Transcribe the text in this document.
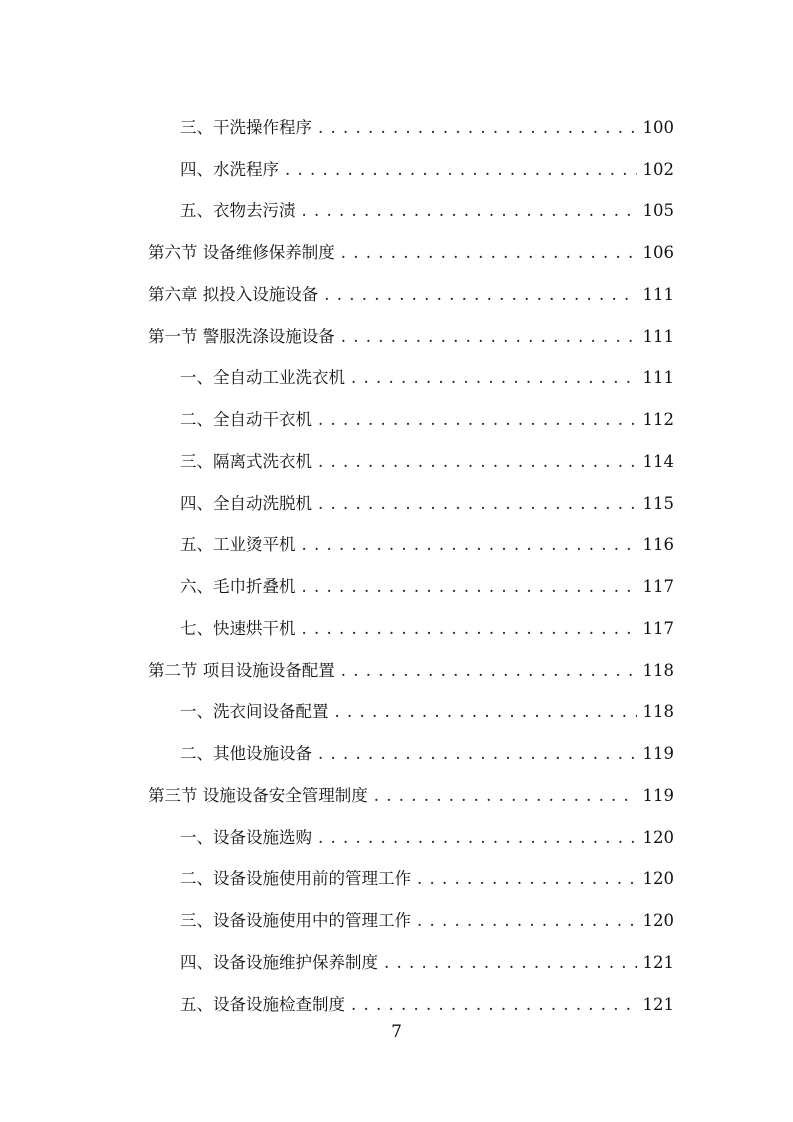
三、干洗操作程序 . . .	100
四、水洗程序 . . .	102
五、衣物去污渍 . . .	105
第六节 设备维修保养制度 . . .	106
第六章 拟投入设施设备 . . .	111
第一节 警服洗涤设施设备 . . .	111
一、全自动工业洗衣机 . . .	111
二、全自动干衣机 . . .	112
三、隔离式洗衣机 . . .	114
四、全自动洗脱机 . . .	115
五、工业烫平机 . . .	116
六、毛巾折叠机 . . .	117
七、快速烘干机 . . .	117
第二节 项目设施设备配置 . . .	118
一、洗衣间设备配置 . . .	118
二、其他设施设备 . . .	119
第三节 设施设备安全管理制度 . . .	119
一、设备设施选购 . . .	120
二、设备设施使用前的管理工作 . . .	120
三、设备设施使用中的管理工作 . . .	120
四、设备设施维护保养制度 . . .	121
五、设备设施检查制度 . . .	121
7
